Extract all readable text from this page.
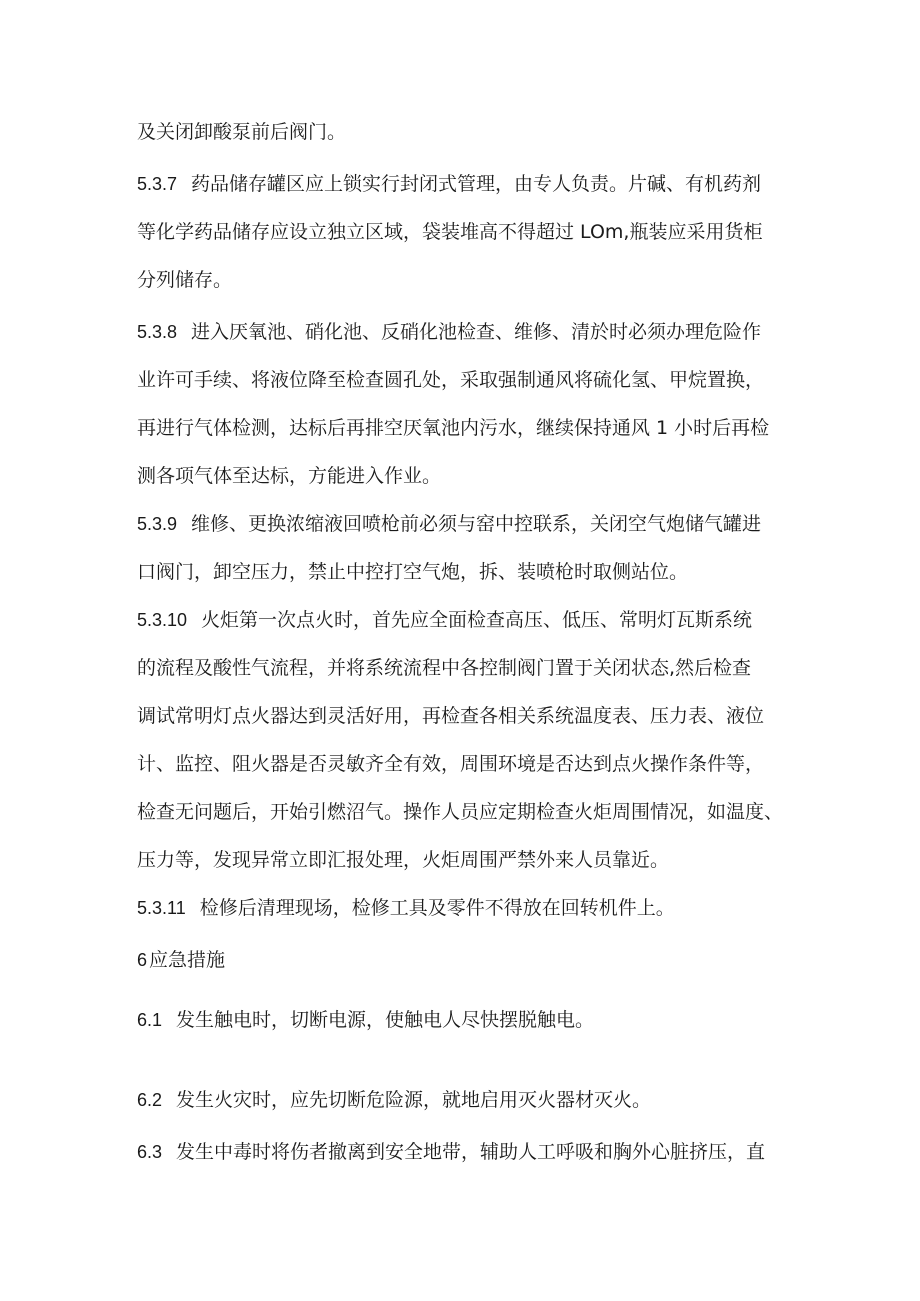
及关闭卸酸泵前后阀门。
5.3.7 药品储存罐区应上锁实行封闭式管理，由专人负责。片碱、有机药剂
等化学药品储存应设立独立区域，袋装堆高不得超过 LOm,瓶装应采用货柜
分列储存。
5.3.8 进入厌氧池、硝化池、反硝化池检查、维修、清於时必须办理危险作
业许可手续、将液位降至检查圆孔处，采取强制通风将硫化氢、甲烷置换，
再进行气体检测，达标后再排空厌氧池内污水，继续保持通风 1 小时后再检
测各项气体至达标，方能进入作业。
5.3.9 维修、更换浓缩液回喷枪前必须与窑中控联系，关闭空气炮储气罐进
口阀门，卸空压力，禁止中控打空气炮，拆、装喷枪时取侧站位。
5.3.10 火炬第一次点火时，首先应全面检查高压、低压、常明灯瓦斯系统
的流程及酸性气流程，并将系统流程中各控制阀门置于关闭状态,然后检查
调试常明灯点火器达到灵活好用，再检查各相关系统温度表、压力表、液位
计、监控、阻火器是否灵敏齐全有效，周围环境是否达到点火操作条件等，
检查无问题后，开始引燃沼气。操作人员应定期检查火炬周围情况，如温度、
压力等，发现异常立即汇报处理，火炬周围严禁外来人员靠近。
5.3.11 检修后清理现场，检修工具及零件不得放在回转机件上。
6 应急措施
6.1 发生触电时，切断电源，使触电人尽快摆脱触电。
6.2 发生火灾时，应先切断危险源，就地启用灭火器材灭火。
6.3 发生中毒时将伤者撤离到安全地带，辅助人工呼吸和胸外心脏挤压，直
